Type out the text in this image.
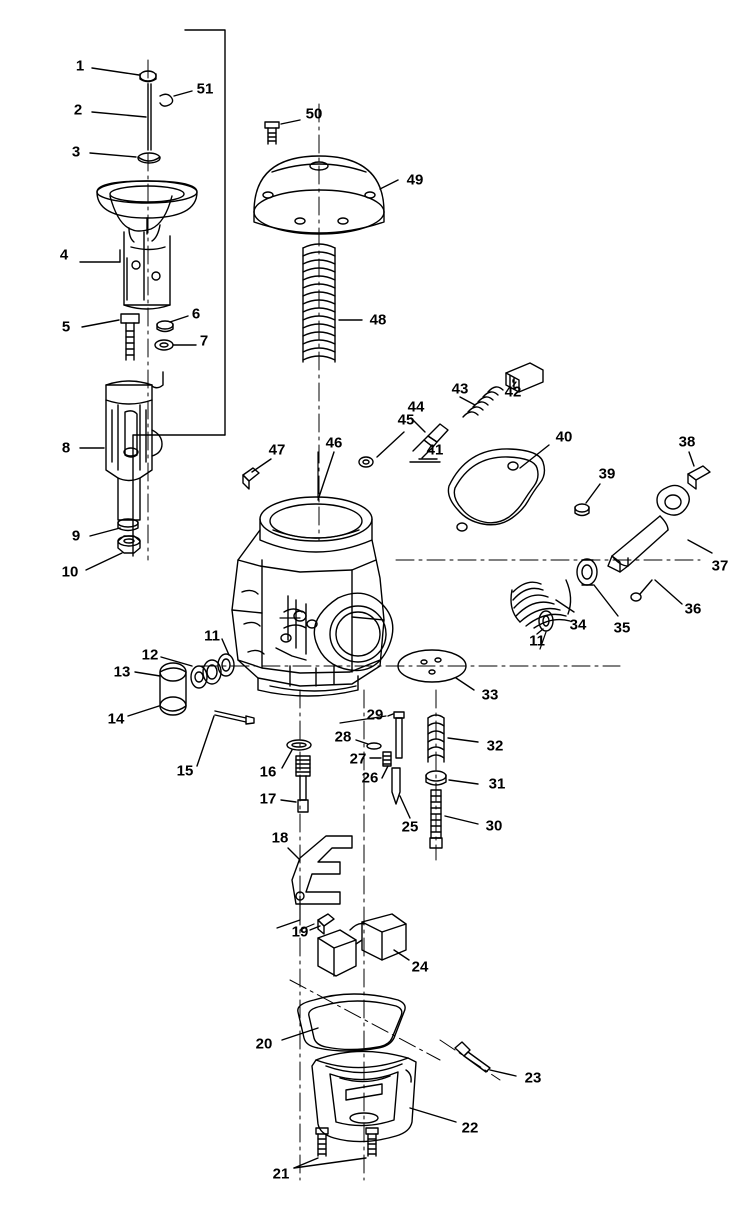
1
2
3
4
5
6
7
8
9
10
11
12
13
14
15	16
17
18
19
20
21
22
23
24
25
26
27
28
29
30
31
32
33
34 35
36
37
38
39
40
41
42
43
44
45
46
47
48
49
50
51
11
